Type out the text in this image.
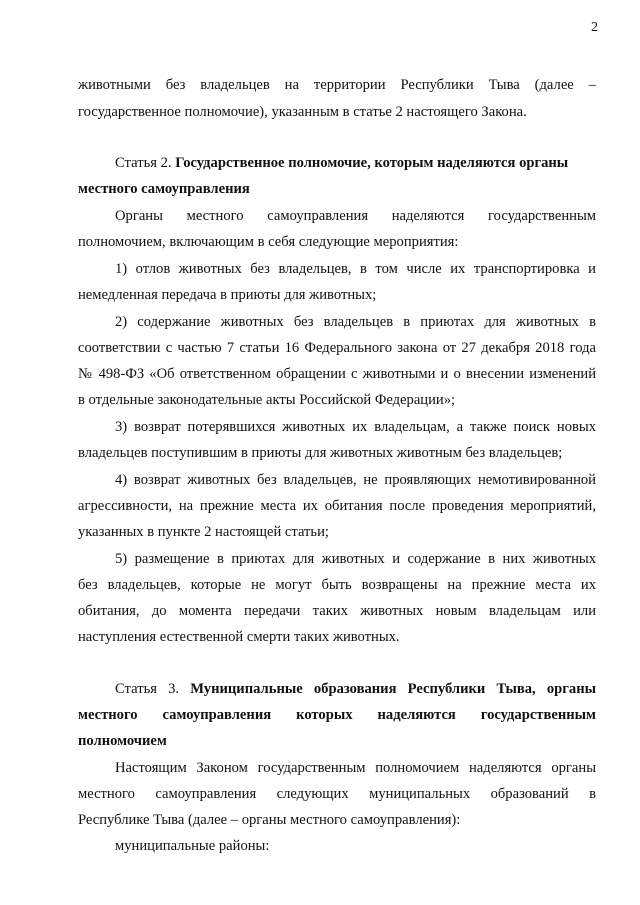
2
животными без владельцев на территории Республики Тыва (далее –
государственное полномочие), указанным в статье 2 настоящего Закона.
Статья 2. Государственное полномочие, которым наделяются органы
местного самоуправления
Органы местного самоуправления наделяются государственным
полномочием, включающим в себя следующие мероприятия:
1) отлов животных без владельцев, в том числе их транспортировка и
немедленная передача в приюты для животных;
2) содержание животных без владельцев в приютах для животных в
соответствии с частью 7 статьи 16 Федерального закона от 27 декабря 2018 года
№ 498-ФЗ «Об ответственном обращении с животными и о внесении изменений
в отдельные законодательные акты Российской Федерации»;
3) возврат потерявшихся животных их владельцам, а также поиск новых
владельцев поступившим в приюты для животных животным без владельцев;
4) возврат животных без владельцев, не проявляющих немотивированной
агрессивности, на прежние места их обитания после проведения мероприятий,
указанных в пункте 2 настоящей статьи;
5) размещение в приютах для животных и содержание в них животных
без владельцев, которые не могут быть возвращены на прежние места их
обитания, до момента передачи таких животных новым владельцам или
наступления естественной смерти таких животных.
Статья 3. Муниципальные образования Республики Тыва, органы
местного самоуправления которых наделяются государственным
полномочием
Настоящим Законом государственным полномочием наделяются органы
местного самоуправления следующих муниципальных образований в
Республике Тыва (далее – органы местного самоуправления):
муниципальные районы:
